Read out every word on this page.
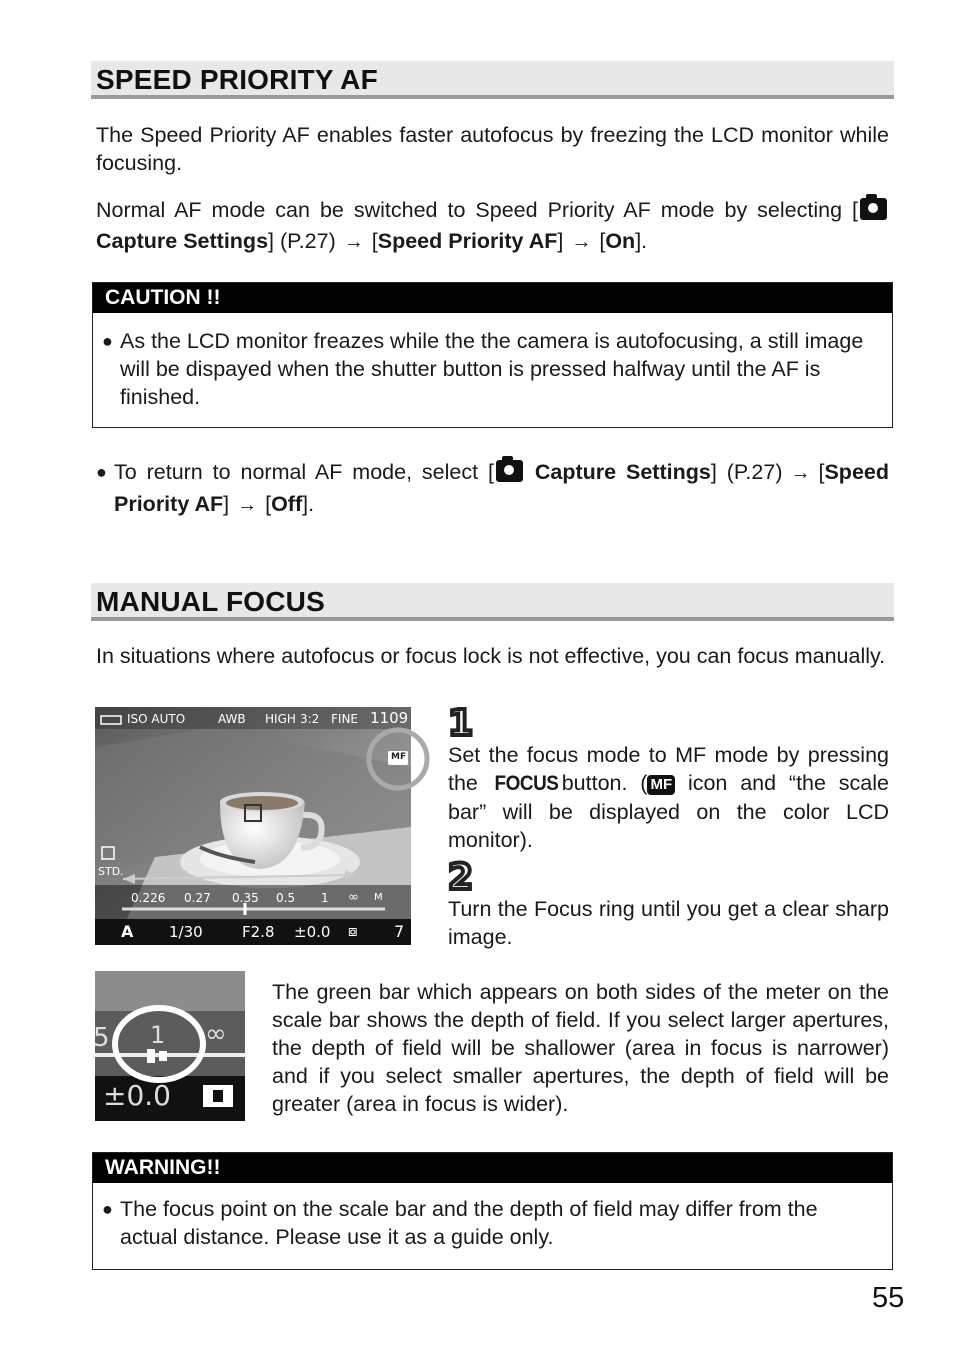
SPEED PRIORITY AF
The Speed Priority AF enables faster autofocus by freezing the LCD monitor while focusing.
Normal AF mode can be switched to Speed Priority AF mode by selecting [ Capture Settings] (P.27) → [Speed Priority AF] → [On].
CAUTION !!
● As the LCD monitor freazes while the the camera is autofocusing, a still image will be dispayed when the shutter button is pressed halfway until the AF is finished.
● To return to normal AF mode, select [ Capture Settings] (P.27) → [Speed Priority AF] → [Off].
MANUAL FOCUS
In situations where autofocus or focus lock is not effective, you can focus manually.
ISO AUTO	AWB HIGH 3:2 FINE 1109
MF
STD.
0.226 0.27 0.35 0.5 1 ∞ M
A 1/30	F2.8 ±0.0 ⧇ 7
1
Set the focus mode to MF mode by pressing the FOCUS button. ( MF icon and “the scale bar” will be displayed on the color LCD monitor).
2
Turn the Focus ring until you get a clear sharp image.
5 1 ∞
±0.0
The green bar which appears on both sides of the meter on the scale bar shows the depth of field. If you select larger apertures, the depth of field will be shallower (area in focus is narrower) and if you select smaller apertures, the depth of field will be greater (area in focus is wider).
WARNING!!
● The focus point on the scale bar and the depth of field may differ from the actual distance. Please use it as a guide only.
55
